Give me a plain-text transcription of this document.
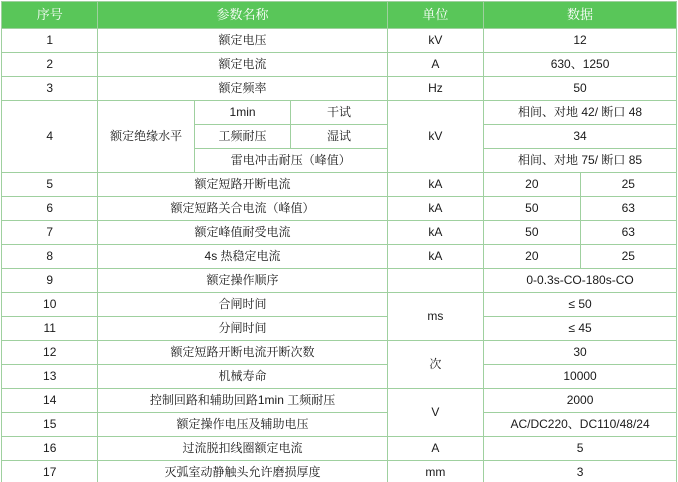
序号	参数名称			单位	数据	
1	额定电压			kV	12	
2	额定电流			A	630、1250	
3	额定频率			Hz	50	
4	额定绝缘水平	1min	干试	kV	相间、对地 42/ 断口 48	
		工频耐压	湿试		34	
		雷电冲击耐压（峰值）			相间、对地 75/ 断口 85	
5	额定短路开断电流			kA	20	25
6	额定短路关合电流（峰值）			kA	50	63
7	额定峰值耐受电流			kA	50	63
8	4s 热稳定电流			kA	20	25
9	额定操作顺序				0-0.3s-CO-180s-CO	
10	合闸时间			ms	≤ 50	
11	分闸时间				≤ 45	
12	额定短路开断电流开断次数			次	30	
13	机械寿命				10000	
14	控制回路和辅助回路1min 工频耐压			V	2000	
15	额定操作电压及辅助电压				AC/DC220、DC110/48/24	
16	过流脱扣线圈额定电流			A	5	
17	灭弧室动静触头允许磨损厚度			mm	3	
